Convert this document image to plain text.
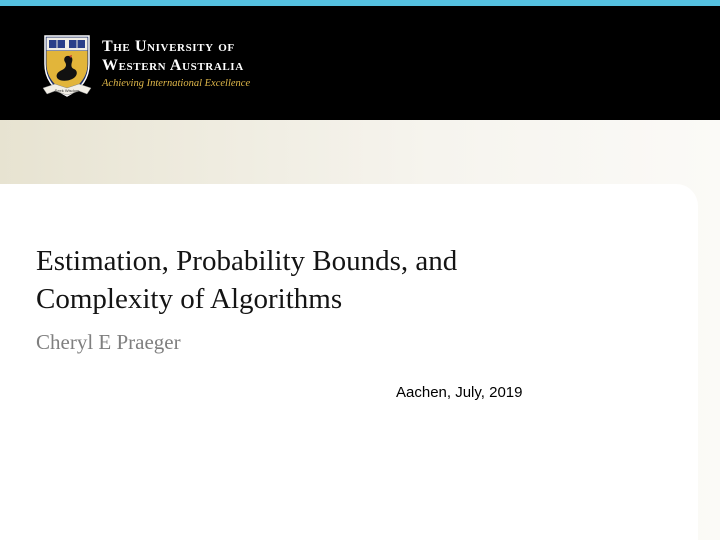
Seek Wisdom
The University of
Western Australia
Achieving International Excellence
Estimation, Probability Bounds, and
Complexity of Algorithms
Cheryl E Praeger
Aachen, July, 2019
